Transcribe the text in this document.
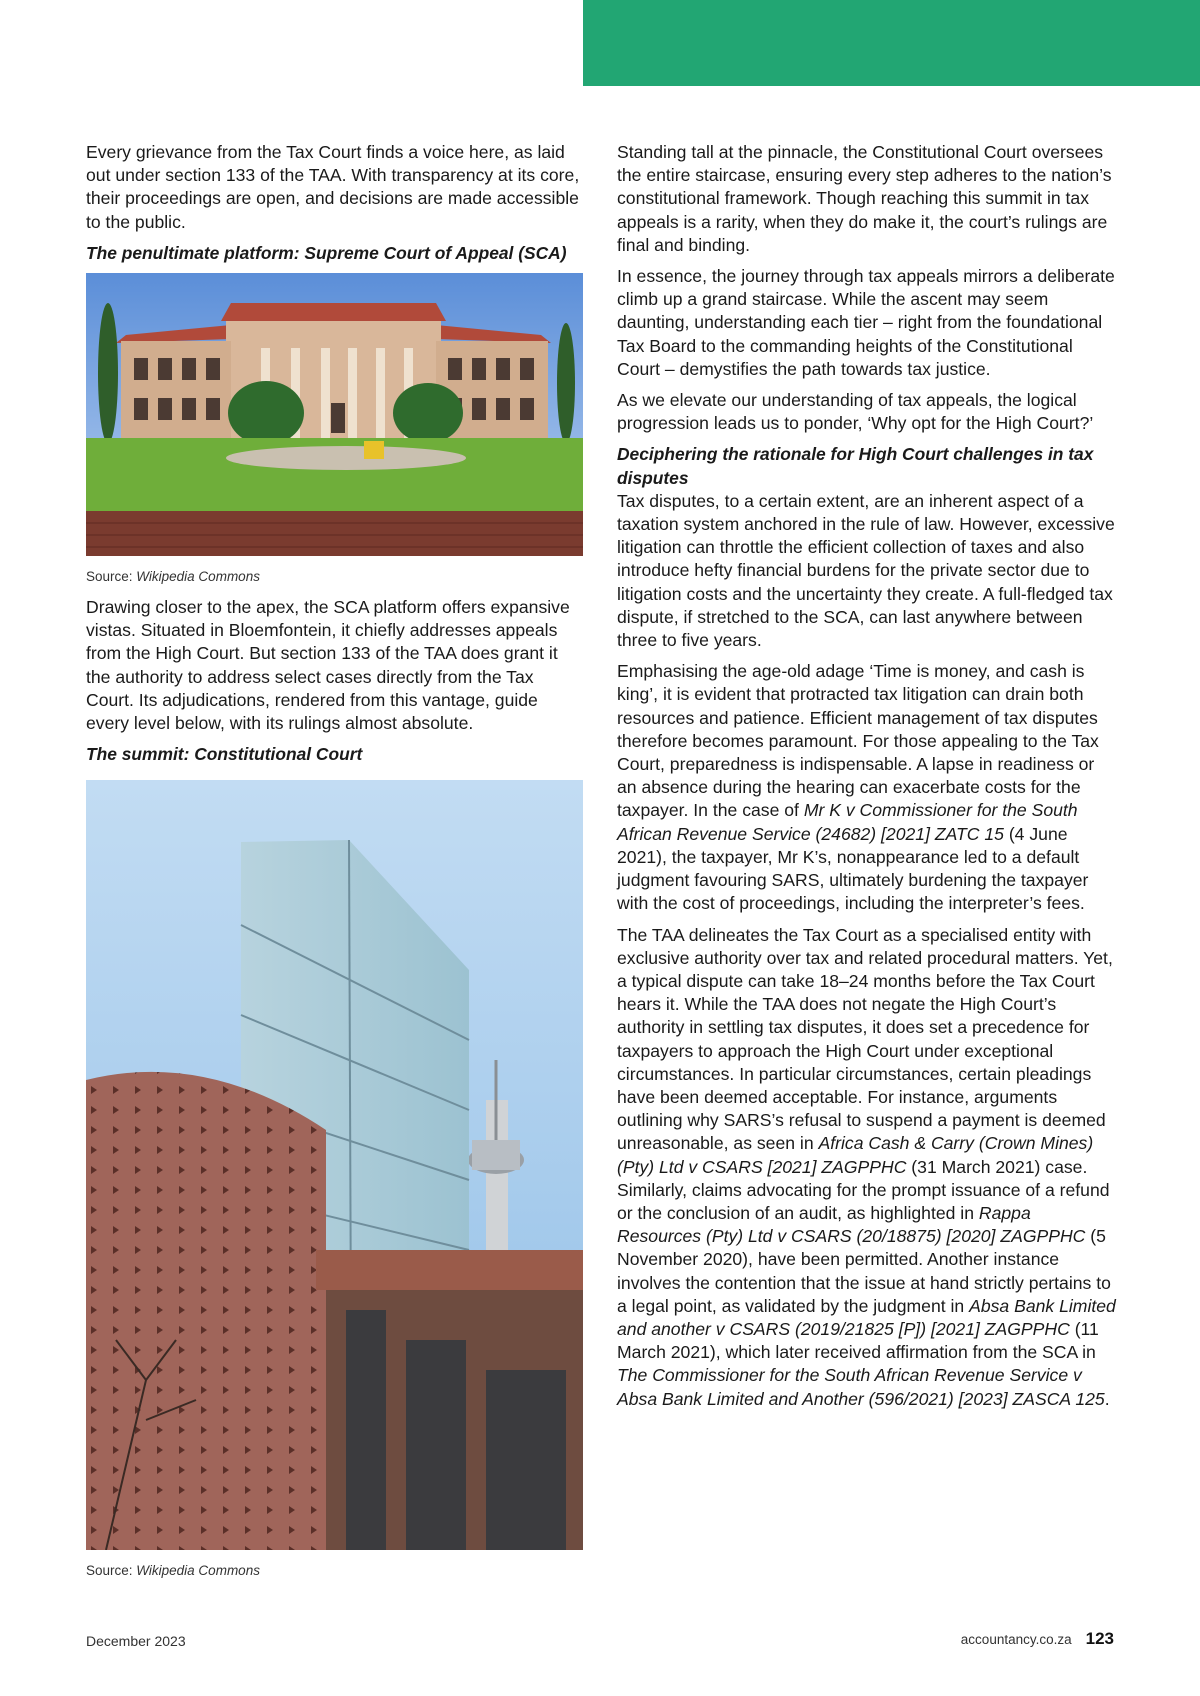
Every grievance from the Tax Court finds a voice here, as laid out under section 133 of the TAA. With transparency at its core, their proceedings are open, and decisions are made accessible to the public.

The penultimate platform: Supreme Court of Appeal (SCA)

Source: Wikipedia Commons

Drawing closer to the apex, the SCA platform offers expansive vistas. Situated in Bloemfontein, it chiefly addresses appeals from the High Court. But section 133 of the TAA does grant it the authority to address select cases directly from the Tax Court. Its adjudications, rendered from this vantage, guide every level below, with its rulings almost absolute.

The summit: Constitutional Court

Source: Wikipedia Commons

Standing tall at the pinnacle, the Constitutional Court oversees the entire staircase, ensuring every step adheres to the nation’s constitutional framework. Though reaching this summit in tax appeals is a rarity, when they do make it, the court’s rulings are final and binding.

In essence, the journey through tax appeals mirrors a deliberate climb up a grand staircase. While the ascent may seem daunting, understanding each tier – right from the foundational Tax Board to the commanding heights of the Constitutional Court – demystifies the path towards tax justice.

As we elevate our understanding of tax appeals, the logical progression leads us to ponder, ‘Why opt for the High Court?’

Deciphering the rationale for High Court challenges in tax disputes

Tax disputes, to a certain extent, are an inherent aspect of a taxation system anchored in the rule of law. However, excessive litigation can throttle the efficient collection of taxes and also introduce hefty financial burdens for the private sector due to litigation costs and the uncertainty they create. A full-fledged tax dispute, if stretched to the SCA, can last anywhere between three to five years.

Emphasising the age-old adage ‘Time is money, and cash is king’, it is evident that protracted tax litigation can drain both resources and patience. Efficient management of tax disputes therefore becomes paramount. For those appealing to the Tax Court, preparedness is indispensable. A lapse in readiness or an absence during the hearing can exacerbate costs for the taxpayer. In the case of Mr K v Commissioner for the South African Revenue Service (24682) [2021] ZATC 15 (4 June 2021), the taxpayer, Mr K’s, nonappearance led to a default judgment favouring SARS, ultimately burdening the taxpayer with the cost of proceedings, including the interpreter’s fees.

The TAA delineates the Tax Court as a specialised entity with exclusive authority over tax and related procedural matters. Yet, a typical dispute can take 18–24 months before the Tax Court hears it. While the TAA does not negate the High Court’s authority in settling tax disputes, it does set a precedence for taxpayers to approach the High Court under exceptional circumstances. In particular circumstances, certain pleadings have been deemed acceptable. For instance, arguments outlining why SARS’s refusal to suspend a payment is deemed unreasonable, as seen in Africa Cash & Carry (Crown Mines) (Pty) Ltd v CSARS [2021] ZAGPPHC (31 March 2021) case. Similarly, claims advocating for the prompt issuance of a refund or the conclusion of an audit, as highlighted in Rappa Resources (Pty) Ltd v CSARS (20/18875) [2020] ZAGPPHC (5 November 2020), have been permitted. Another instance involves the contention that the issue at hand strictly pertains to a legal point, as validated by the judgment in Absa Bank Limited and another v CSARS (2019/21825 [P]) [2021] ZAGPPHC (11 March 2021), which later received affirmation from the SCA in The Commissioner for the South African Revenue Service v Absa Bank Limited and Another (596/2021) [2023] ZASCA 125.

December 2023	accountancy.co.za 123
